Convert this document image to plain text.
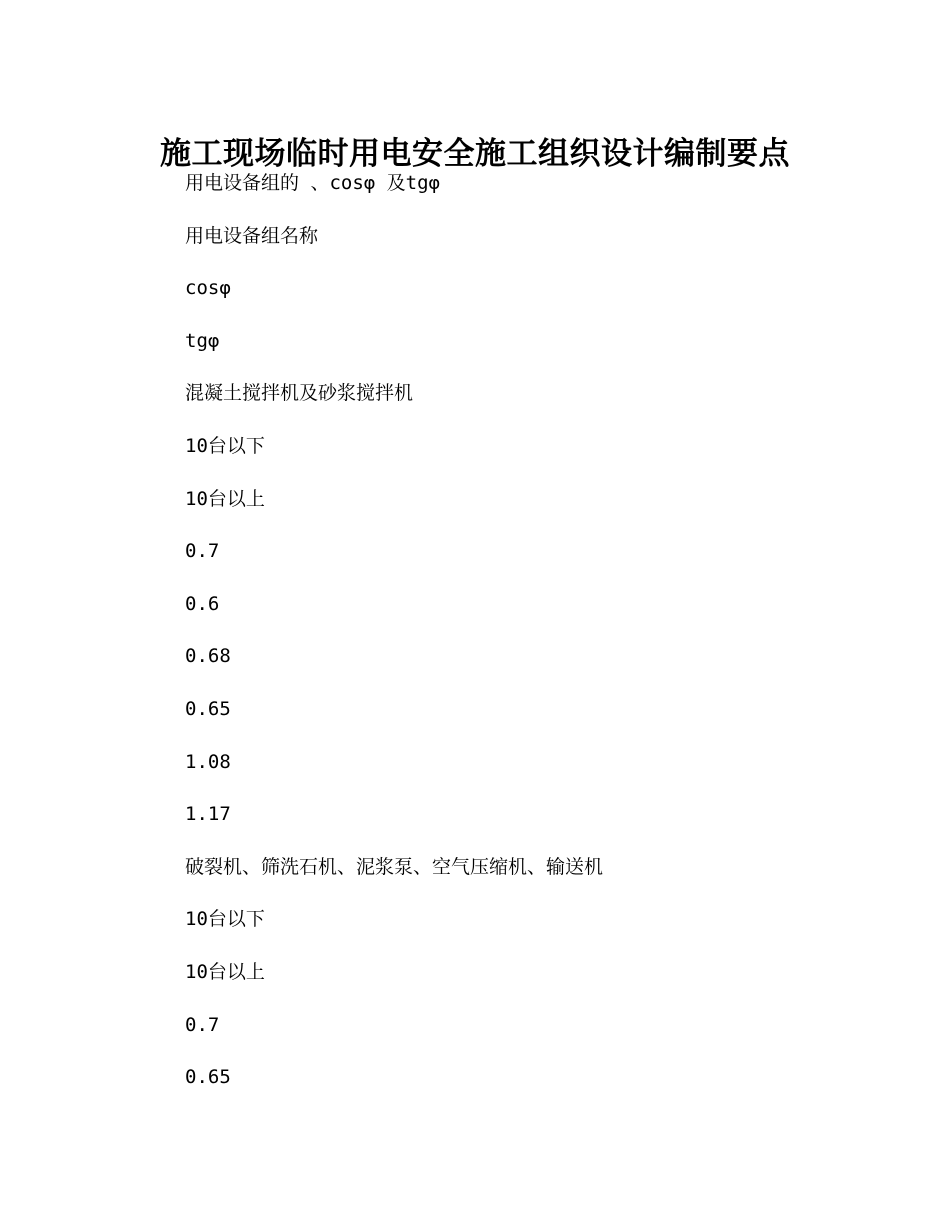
施工现场临时用电安全施工组织设计编制要点
用电设备组的 、cosφ 及tgφ
用电设备组名称
cosφ
tgφ
混凝土搅拌机及砂浆搅拌机
10台以下
10台以上
0.7
0.6
0.68
0.65
1.08
1.17
破裂机、筛洗石机、泥浆泵、空气压缩机、输送机
10台以下
10台以上
0.7
0.65
